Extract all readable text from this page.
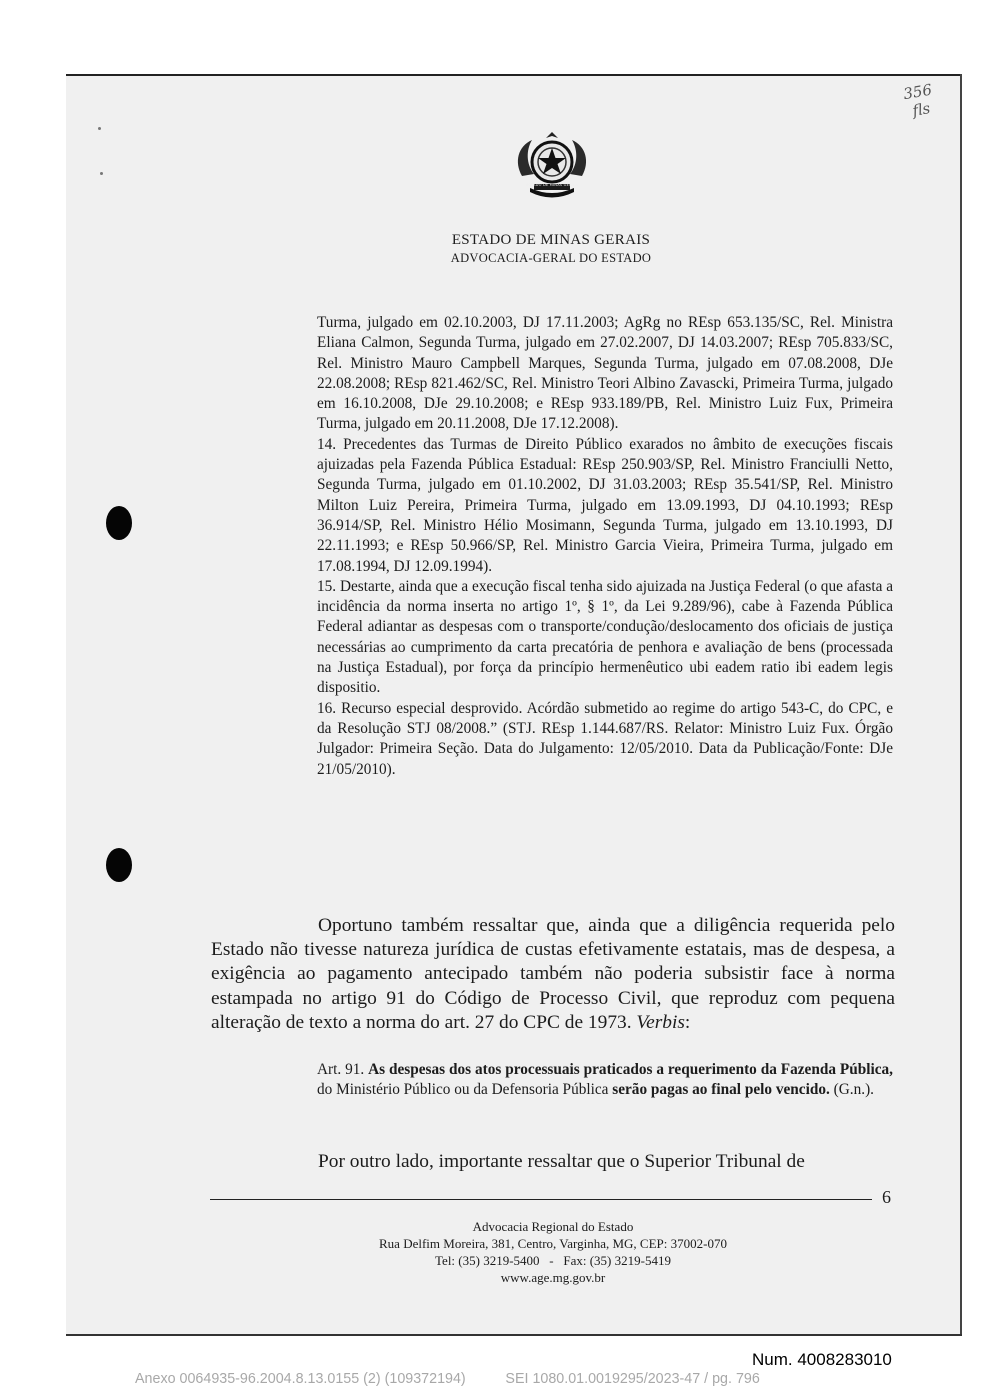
356
fls
ESTADO DE MINAS GERAIS
ESTADO DE MINAS GERAIS
ADVOCACIA-GERAL DO ESTADO

Turma, julgado em 02.10.2003, DJ 17.11.2003; AgRg no REsp 653.135/SC, Rel. Ministra Eliana Calmon, Segunda Turma, julgado em 27.02.2007, DJ 14.03.2007; REsp 705.833/SC, Rel. Ministro Mauro Campbell Marques, Segunda Turma, julgado em 07.08.2008, DJe 22.08.2008; REsp 821.462/SC, Rel. Ministro Teori Albino Zavascki, Primeira Turma, julgado em 16.10.2008, DJe 29.10.2008; e REsp 933.189/PB, Rel. Ministro Luiz Fux, Primeira Turma, julgado em 20.11.2008, DJe 17.12.2008).

14. Precedentes das Turmas de Direito Público exarados no âmbito de execuções fiscais ajuizadas pela Fazenda Pública Estadual: REsp 250.903/SP, Rel. Ministro Franciulli Netto, Segunda Turma, julgado em 01.10.2002, DJ 31.03.2003; REsp 35.541/SP, Rel. Ministro Milton Luiz Pereira, Primeira Turma, julgado em 13.09.1993, DJ 04.10.1993; REsp 36.914/SP, Rel. Ministro Hélio Mosimann, Segunda Turma, julgado em 13.10.1993, DJ 22.11.1993; e REsp 50.966/SP, Rel. Ministro Garcia Vieira, Primeira Turma, julgado em 17.08.1994, DJ 12.09.1994).

15. Destarte, ainda que a execução fiscal tenha sido ajuizada na Justiça Federal (o que afasta a incidência da norma inserta no artigo 1º, § 1º, da Lei 9.289/96), cabe à Fazenda Pública Federal adiantar as despesas com o transporte/condução/deslocamento dos oficiais de justiça necessárias ao cumprimento da carta precatória de penhora e avaliação de bens (processada na Justiça Estadual), por força da princípio hermenêutico ubi eadem ratio ibi eadem legis dispositio.

16. Recurso especial desprovido. Acórdão submetido ao regime do artigo 543-C, do CPC, e da Resolução STJ 08/2008.” (STJ. REsp 1.144.687/RS. Relator: Ministro Luiz Fux. Órgão Julgador: Primeira Seção. Data do Julgamento: 12/05/2010. Data da Publicação/Fonte: DJe 21/05/2010).

Oportuno também ressaltar que, ainda que a diligência requerida pelo Estado não tivesse natureza jurídica de custas efetivamente estatais, mas de despesa, a exigência ao pagamento antecipado também não poderia subsistir face à norma estampada no artigo 91 do Código de Processo Civil, que reproduz com pequena alteração de texto a norma do art. 27 do CPC de 1973. Verbis:

Art. 91. As despesas dos atos processuais praticados a requerimento da Fazenda Pública, do Ministério Público ou da Defensoria Pública serão pagas ao final pelo vencido. (G.n.).
Por outro lado, importante ressaltar que o Superior Tribunal de
6
Advocacia Regional do Estado
Rua Delfim Moreira, 381, Centro, Varginha, MG, CEP: 37002-070
Tel: (35) 3219-5400   -   Fax: (35) 3219-5419
www.age.mg.gov.br
Num. 4008283010
Anexo 0064935-96.2004.8.13.0155 (2) (109372194)	SEI 1080.01.0019295/2023-47 / pg. 796
